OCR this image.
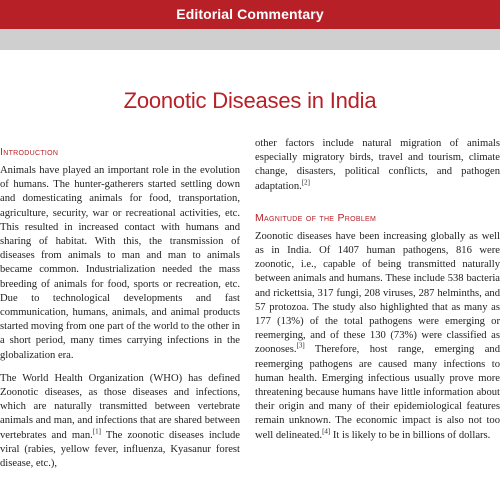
Editorial Commentary
Zoonotic Diseases in India
Introduction

Animals have played an important role in the evolution of humans. The hunter-gatherers started settling down and domesticating animals for food, transportation, agriculture, security, war or recreational activities, etc. This resulted in increased contact with humans and sharing of habitat. With this, the transmission of diseases from animals to man and man to animals became common. Industrialization needed the mass breeding of animals for food, sports or recreation, etc. Due to technological developments and fast communication, humans, animals, and animal products started moving from one part of the world to the other in a short period, many times carrying infections in the globalization era.

The World Health Organization (WHO) has defined Zoonotic diseases, as those diseases and infections, which are naturally transmitted between vertebrate animals and man, and infections that are shared between vertebrates and man.[1] The zoonotic diseases include viral (rabies, yellow fever, influenza, Kyasanur forest disease, etc.),

other factors include natural migration of animals especially migratory birds, travel and tourism, climate change, disasters, political conflicts, and pathogen adaptation.[2]

Magnitude of the Problem

Zoonotic diseases have been increasing globally as well as in India. Of 1407 human pathogens, 816 were zoonotic, i.e., capable of being transmitted naturally between animals and humans. These include 538 bacteria and rickettsia, 317 fungi, 208 viruses, 287 helminths, and 57 protozoa. The study also highlighted that as many as 177 (13%) of the total pathogens were emerging or reemerging, and of these 130 (73%) were classified as zoonoses.[3] Therefore, host range, emerging and reemerging pathogens are caused many infections to human health. Emerging infectious usually prove more threatening because humans have little information about their origin and many of their epidemiological features remain unknown. The economic impact is also not too well delineated.[4] It is likely to be in billions of dollars.
